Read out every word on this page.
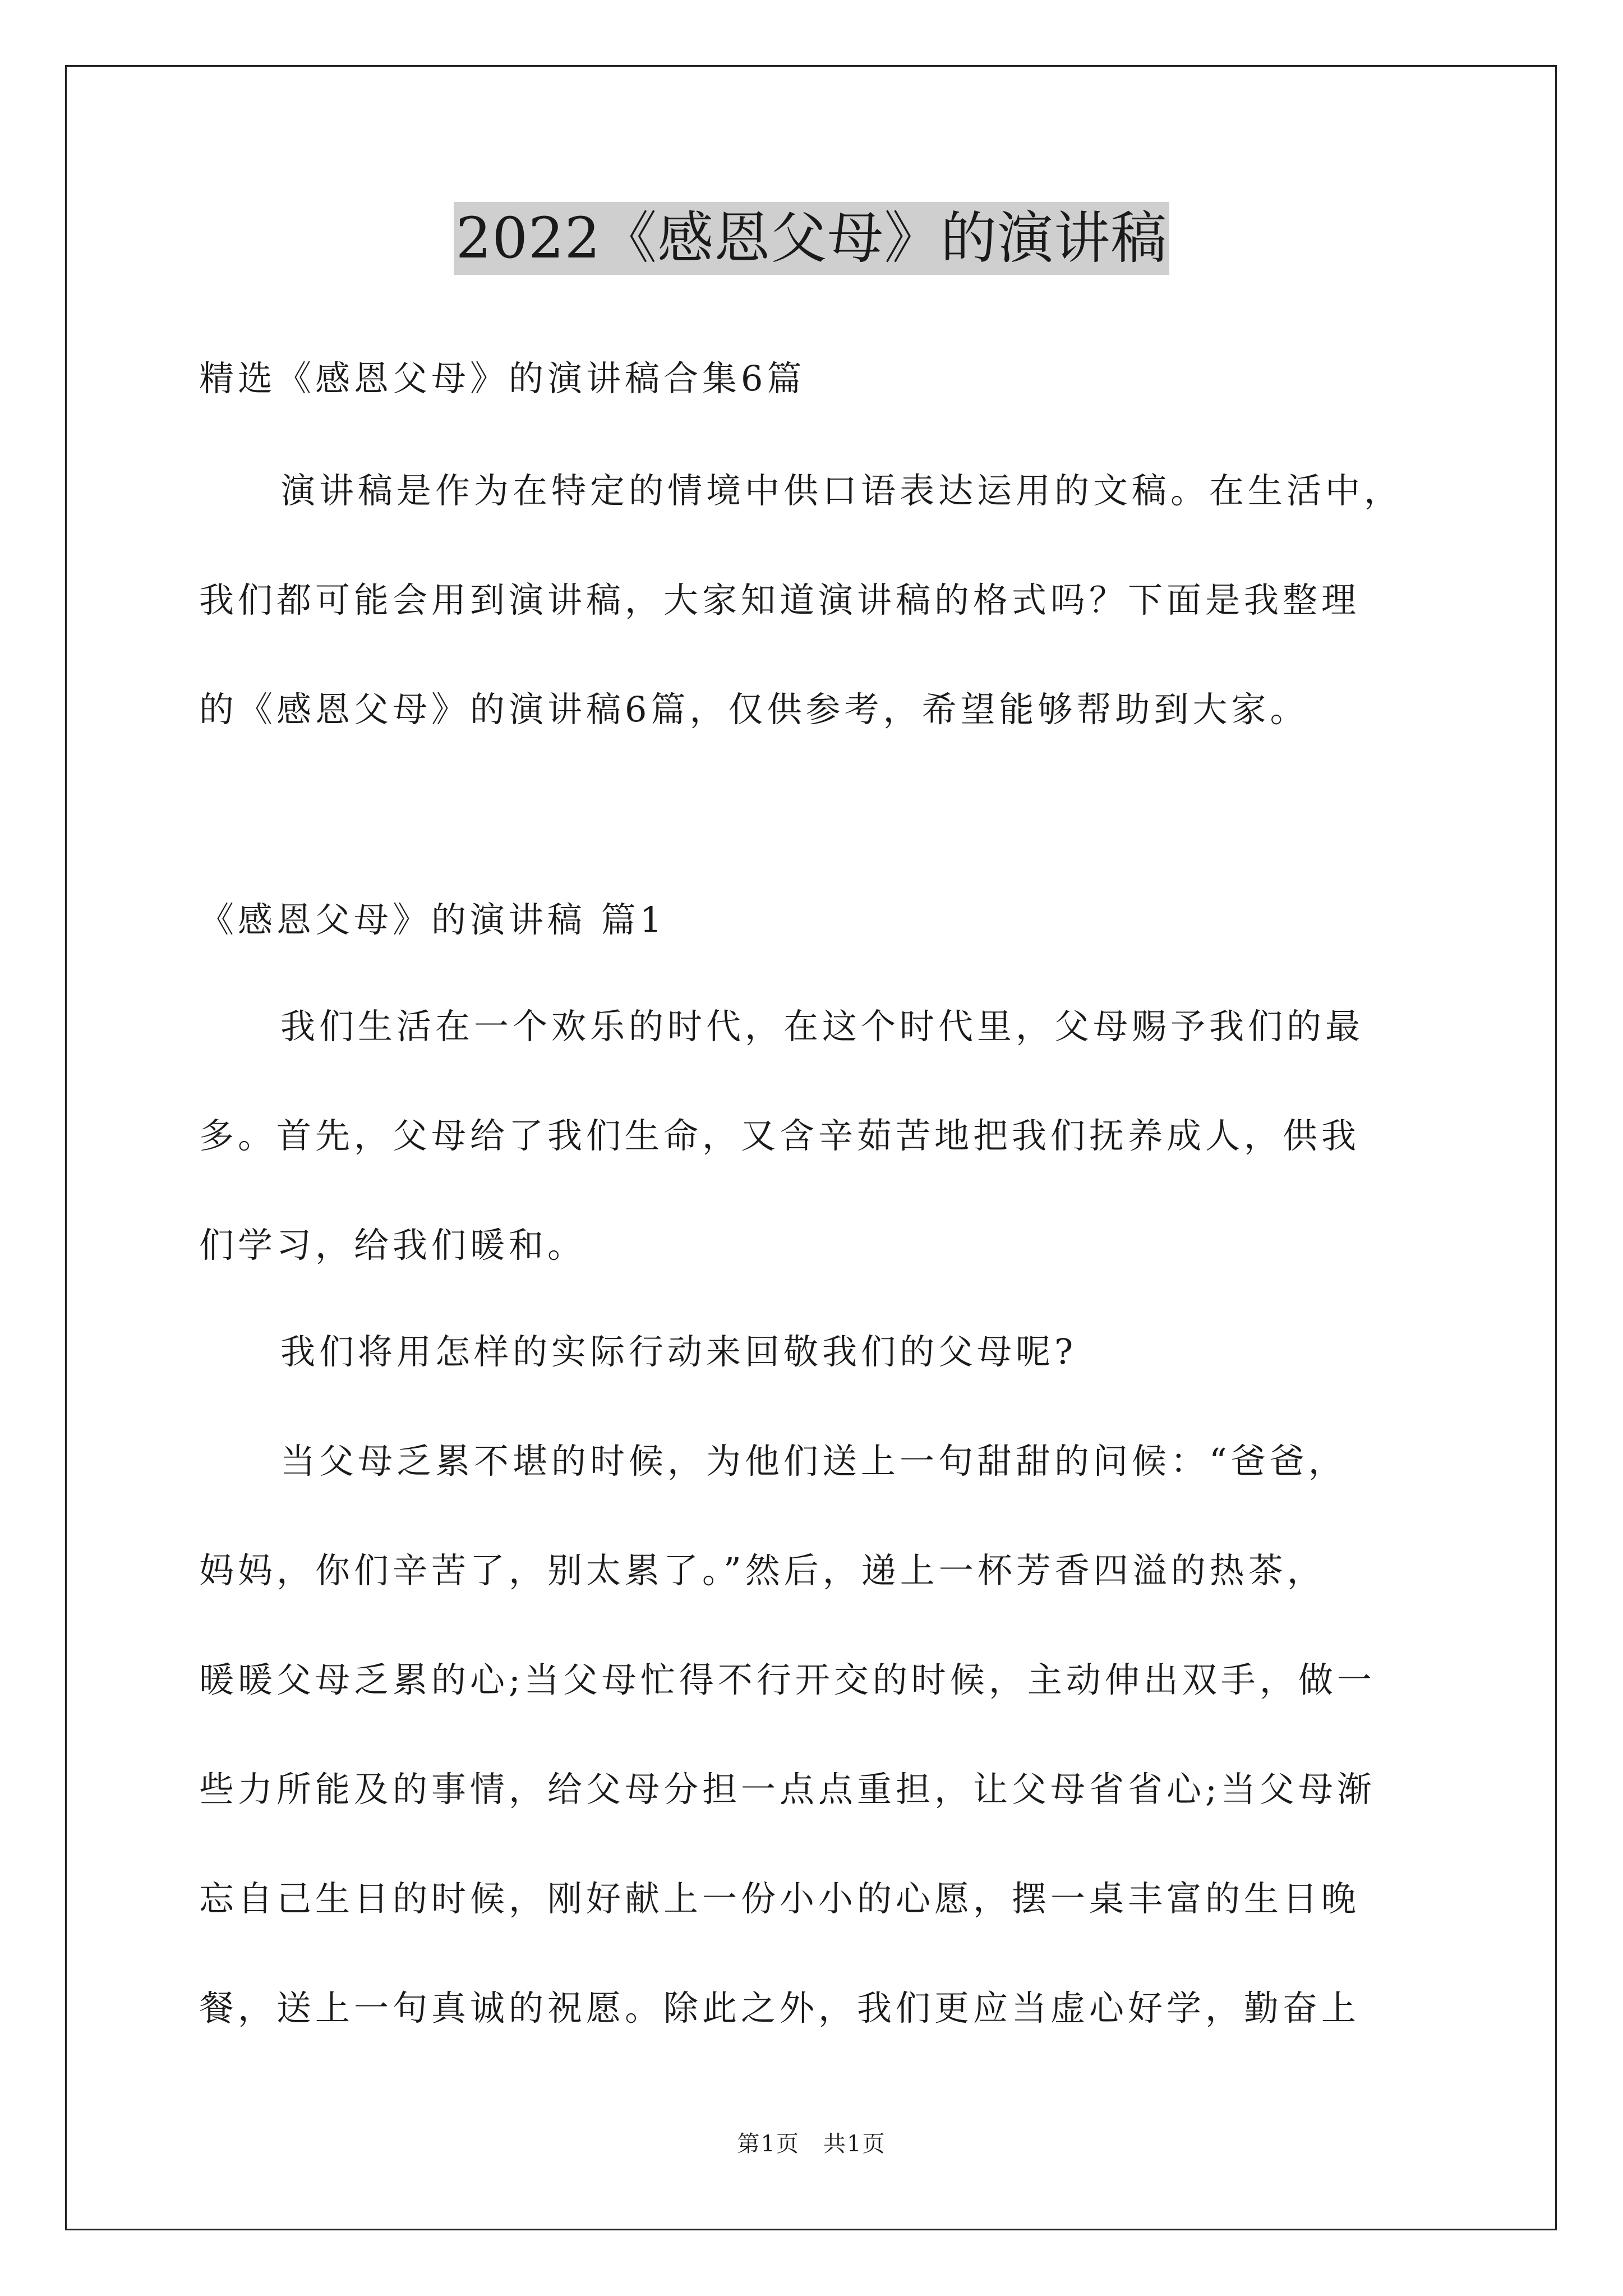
2022《感恩父母》的演讲稿
精选《感恩父母》的演讲稿合集6篇
演讲稿是作为在特定的情境中供口语表达运用的文稿。在生活中，
我们都可能会用到演讲稿，大家知道演讲稿的格式吗？下面是我整理
的《感恩父母》的演讲稿6篇，仅供参考，希望能够帮助到大家。
《感恩父母》的演讲稿 篇1
我们生活在一个欢乐的时代，在这个时代里，父母赐予我们的最
多。首先，父母给了我们生命，又含辛茹苦地把我们抚养成人，供我
们学习，给我们暖和。
我们将用怎样的实际行动来回敬我们的父母呢?
当父母乏累不堪的时候，为他们送上一句甜甜的问候：“爸爸，
妈妈，你们辛苦了，别太累了。”然后，递上一杯芳香四溢的热茶，
暖暖父母乏累的心;当父母忙得不行开交的时候，主动伸出双手，做一
些力所能及的事情，给父母分担一点点重担，让父母省省心;当父母渐
忘自己生日的时候，刚好献上一份小小的心愿，摆一桌丰富的生日晚
餐，送上一句真诚的祝愿。除此之外，我们更应当虚心好学，勤奋上
第1页　共1页
